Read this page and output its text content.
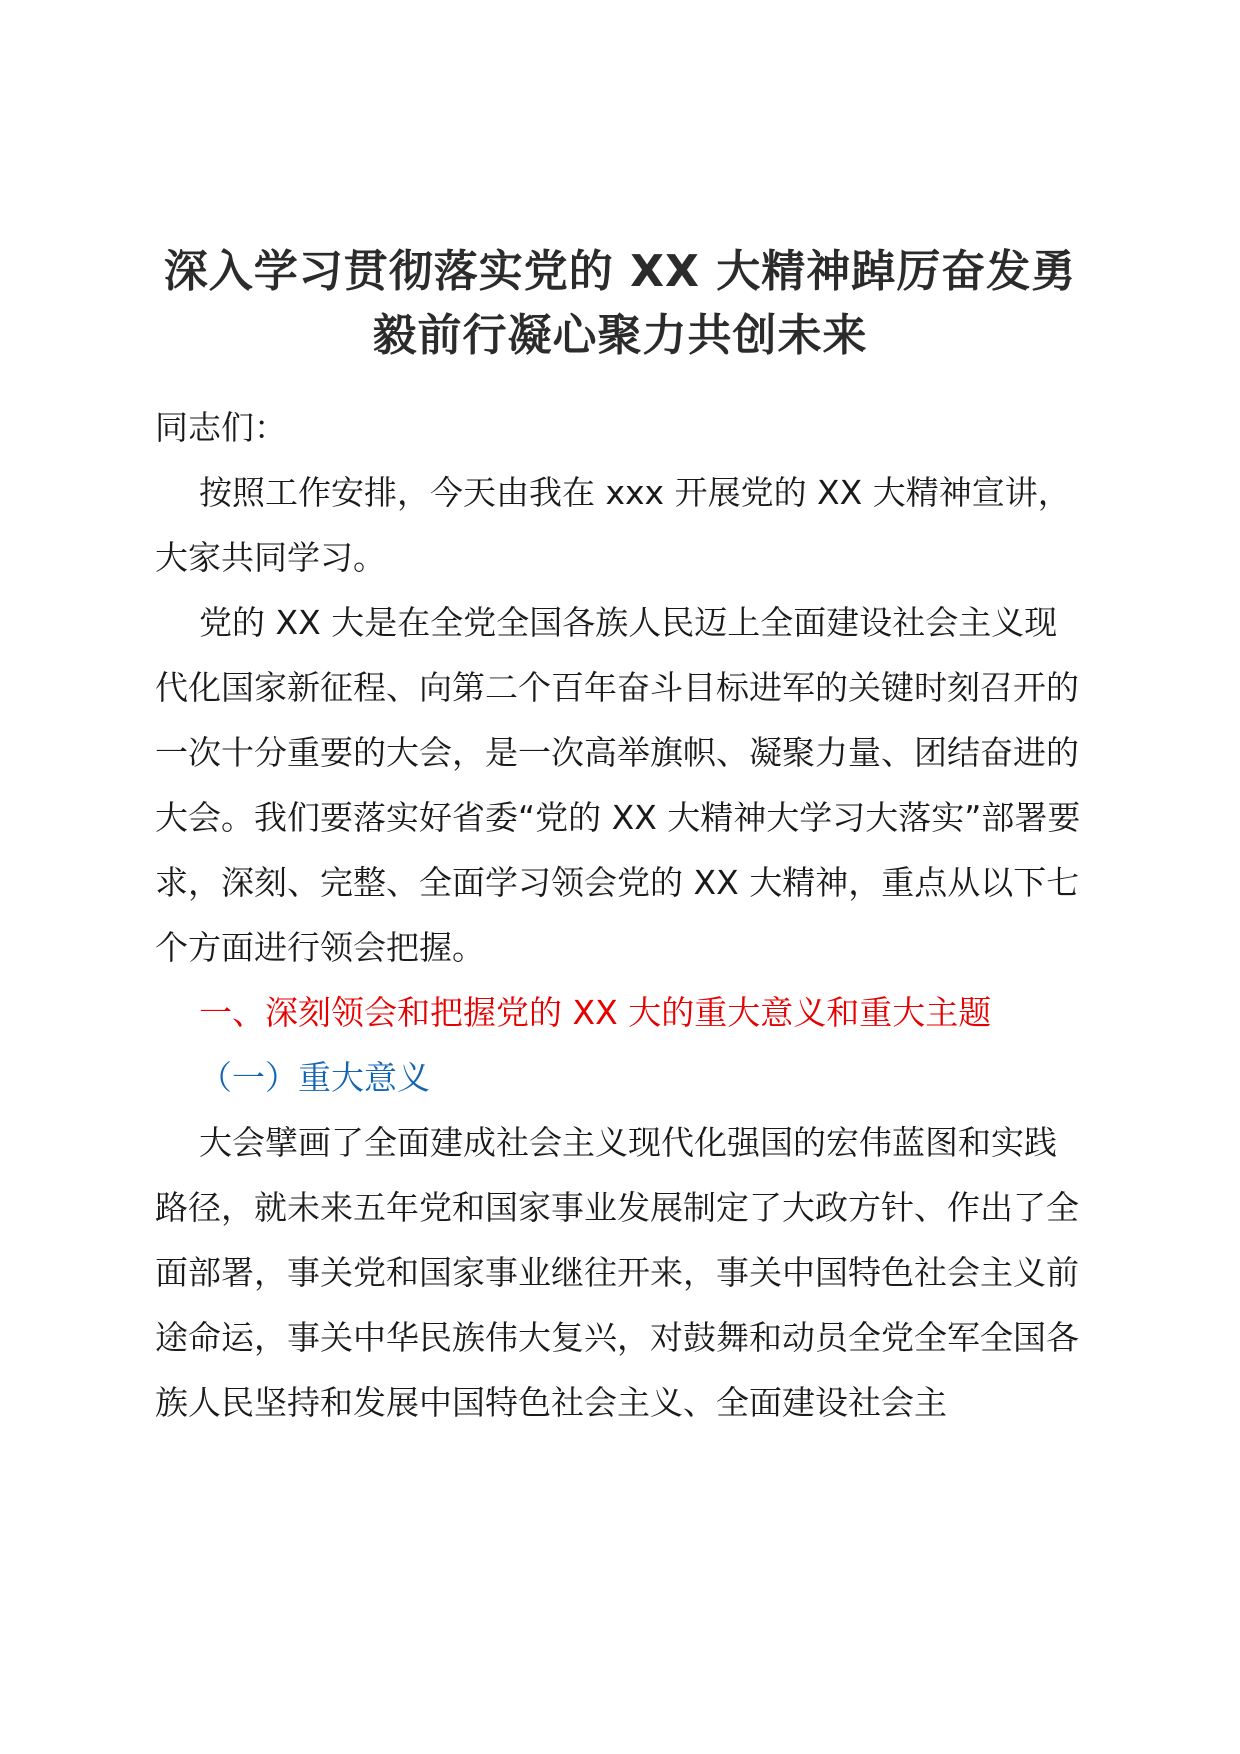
深入学习贯彻落实党的 XX 大精神踔厉奋发勇
毅前行凝心聚力共创未来

同志们：

按照工作安排，今天由我在 xxx 开展党的 XX 大精神宣讲，大家共同学习。

党的 XX 大是在全党全国各族人民迈上全面建设社会主义现代化国家新征程、向第二个百年奋斗目标进军的关键时刻召开的一次十分重要的大会，是一次高举旗帜、凝聚力量、团结奋进的大会。我们要落实好省委“党的 XX 大精神大学习大落实”部署要求，深刻、完整、全面学习领会党的 XX 大精神，重点从以下七个方面进行领会把握。

一、深刻领会和把握党的 XX 大的重大意义和重大主题

（一）重大意义

大会擘画了全面建成社会主义现代化强国的宏伟蓝图和实践路径，就未来五年党和国家事业发展制定了大政方针、作出了全面部署，事关党和国家事业继往开来，事关中国特色社会主义前途命运，事关中华民族伟大复兴，对鼓舞和动员全党全军全国各族人民坚持和发展中国特色社会主义、全面建设社会主
